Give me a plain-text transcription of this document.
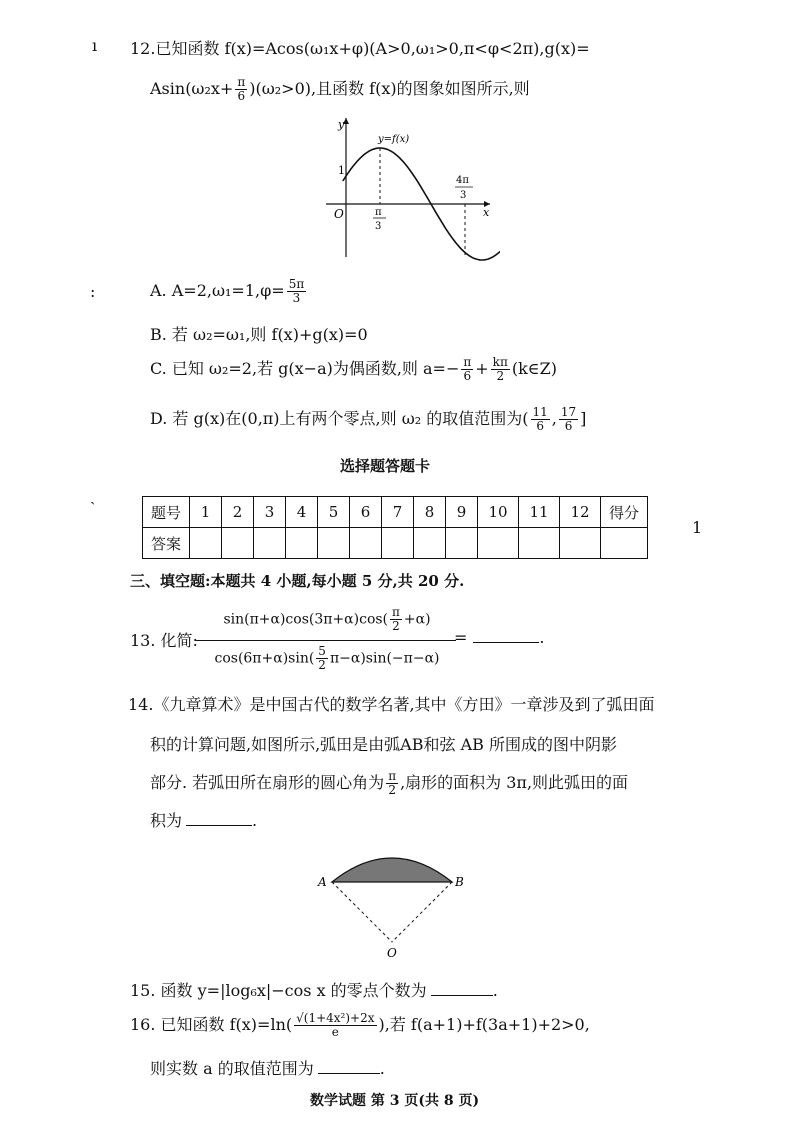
ı 12.已知函数 f(x)=Acos(ω₁x+φ)(A>0,ω₁>0,π<φ<2π),g(x)=
$Asin(\omega_2x+ \frac{\pi}{6} )(\omega_2>0)$,且函数 f(x)的图象如图所示,则
y
x
O
1
y=f(x)
π
3
4π
3
:	A. $A=2,\omega_1=1,\varphi= \frac{5\pi}{3}$
B. 若 ω₂=ω₁,则 f(x)+g(x)=0
C. 已知 ω₂=2,若 g(x−a)为偶函数,则 $a=- \frac{\pi}{6} + \frac{k\pi}{2}$ (k∈Z)
D. 若 g(x)在(0,π)上有两个零点,则 ω₂ 的取值范围为( $\frac{11}{6}$ , $\frac{17}{6}$ ]
选择题答题卡
ˎ
题号	1	2	3	4	5	6	7	8	9	10	11	12	得分
答案													
1
三、填空题:本题共 4 小题,每小题 5 分,共 20 分.
13. 化简:
$\sin(\pi+\alpha)\cos(3\pi+\alpha)\cos( \frac{\pi}{2} +\alpha)$
$\cos(6\pi+\alpha)\sin( \frac{5}{2} \pi-\alpha)\sin(-\pi-\alpha)$
=	.
14.《九章算术》是中国古代的数学名著,其中《方田》一章涉及到了弧田面
积的计算问题,如图所示,弧田是由弧AB和弦 AB 所围成的图中阴影
部分. 若弧田所在扇形的圆心角为 $\frac{\pi}{2}$ ,扇形的面积为 3π,则此弧田的面
积为	.
A	B
O
15. 函数 y=|log₆x|−cos x 的零点个数为	.
16. 已知函数 $f(x)=\ln( \frac{\text{√(1+4x²)+2x}}{e}$ ),若 f(a+1)+f(3a+1)+2>0,
则实数 a 的取值范围为	.
数学试题 第 3 页(共 8 页)
